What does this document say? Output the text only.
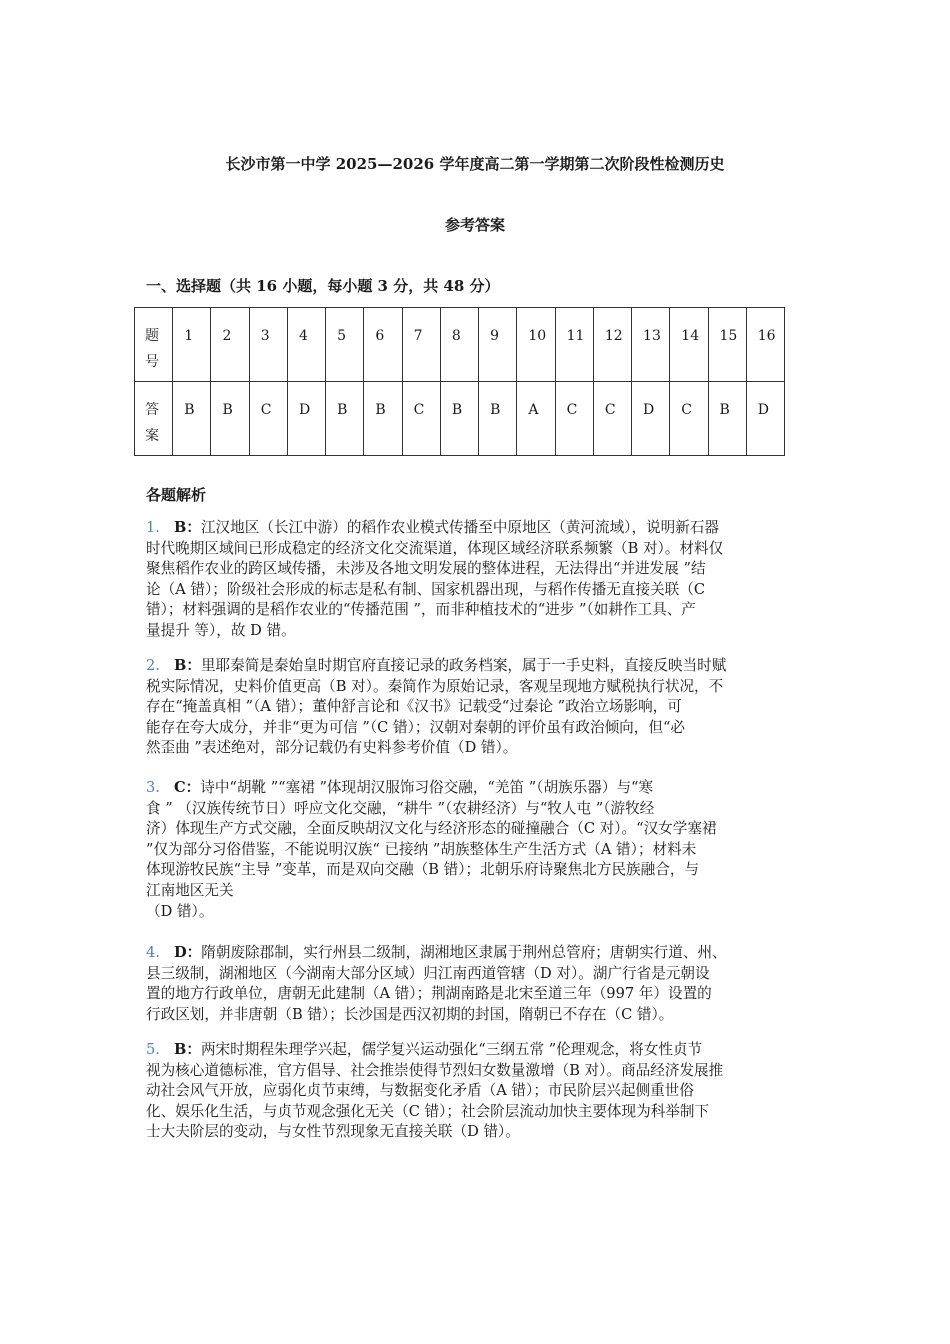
长沙市第一中学 2025—2026 学年度高二第一学期第二次阶段性检测历史
参考答案
一、选择题（共 16 小题，每小题 3 分，共 48 分）
题号	1	2	3	4	5	6	7	8	9	10	11	12	13	14	15	16

答案	B	B	C	D	B	B	C	B	B	A	C	C	D	C	B	D
各题解析
1. B：江汉地区（长江中游）的稻作农业模式传播至中原地区（黄河流域），说明新石器
时代晚期区域间已形成稳定的经济文化交流渠道，体现区域经济联系频繁（B 对）。材料仅
聚焦稻作农业的跨区域传播，未涉及各地文明发展的整体进程，无法得出“并进发展 ”结
论（A 错）；阶级社会形成的标志是私有制、国家机器出现，与稻作传播无直接关联（C
错）；材料强调的是稻作农业的“传播范围 ”，而非种植技术的“进步 ”（如耕作工具、产
量提升 等），故 D 错。
2. B：里耶秦简是秦始皇时期官府直接记录的政务档案，属于一手史料，直接反映当时赋
税实际情况，史料价值更高（B 对）。秦简作为原始记录，客观呈现地方赋税执行状况，不
存在“掩盖真相 ”（A 错）；董仲舒言论和《汉书》记载受“过秦论 ”政治立场影响，可
能存在夸大成分，并非“更为可信 ”（C 错）；汉朝对秦朝的评价虽有政治倾向，但“必
然歪曲 ”表述绝对，部分记载仍有史料参考价值（D 错）。
3. C：诗中“胡靴 ”“塞裙 ”体现胡汉服饰习俗交融，“羌笛 ”（胡族乐器）与“寒
食 ” （汉族传统节日）呼应文化交融，“耕牛 ”（农耕经济）与“牧人屯 ”（游牧经
济）体现生产方式交融，全面反映胡汉文化与经济形态的碰撞融合（C 对）。“汉女学塞裙
”仅为部分习俗借鉴，不能说明汉族“ 已接纳 ”胡族整体生产生活方式（A 错）；材料未
体现游牧民族“主导 ”变革，而是双向交融（B 错）；北朝乐府诗聚焦北方民族融合，与
江南地区无关
（D 错）。
4. D：隋朝废除郡制，实行州县二级制，湖湘地区隶属于荆州总管府；唐朝实行道、州、
县三级制，湖湘地区（今湖南大部分区域）归江南西道管辖（D 对）。湖广行省是元朝设
置的地方行政单位，唐朝无此建制（A 错）；荆湖南路是北宋至道三年（997 年）设置的
行政区划，并非唐朝（B 错）；长沙国是西汉初期的封国，隋朝已不存在（C 错）。
5. B：两宋时期程朱理学兴起，儒学复兴运动强化“三纲五常 ”伦理观念，将女性贞节
视为核心道德标准，官方倡导、社会推崇使得节烈妇女数量激增（B 对）。商品经济发展推
动社会风气开放，应弱化贞节束缚，与数据变化矛盾（A 错）；市民阶层兴起侧重世俗
化、娱乐化生活，与贞节观念强化无关（C 错）；社会阶层流动加快主要体现为科举制下
士大夫阶层的变动，与女性节烈现象无直接关联（D 错）。
